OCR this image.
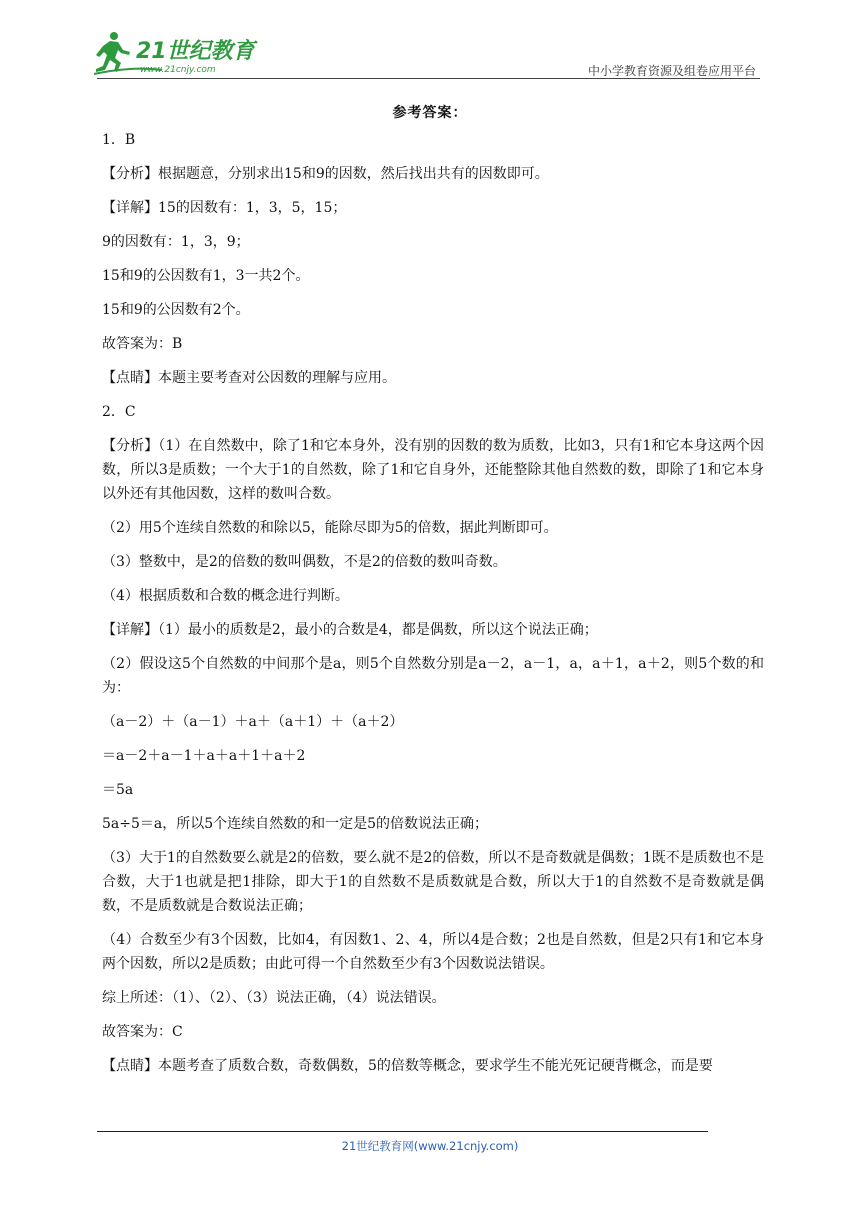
21世纪教育
www.21cnjy.com	中小学教育资源及组卷应用平台
参考答案：

1．B

【分析】根据题意，分别求出15和9的因数，然后找出共有的因数即可。

【详解】15的因数有：1，3，5，15；

9的因数有：1，3，9；

15和9的公因数有1，3一共2个。

15和9的公因数有2个。

故答案为：B

【点睛】本题主要考查对公因数的理解与应用。

2．C

【分析】（1）在自然数中，除了1和它本身外，没有别的因数的数为质数，比如3，只有1和它本身这两个因数，所以3是质数；一个大于1的自然数，除了1和它自身外，还能整除其他自然数的数，即除了1和它本身以外还有其他因数，这样的数叫合数。

（2）用5个连续自然数的和除以5，能除尽即为5的倍数，据此判断即可。

（3）整数中，是2的倍数的数叫偶数，不是2的倍数的数叫奇数。

（4）根据质数和合数的概念进行判断。

【详解】（1）最小的质数是2，最小的合数是4，都是偶数，所以这个说法正确；

（2）假设这5个自然数的中间那个是a，则5个自然数分别是a－2，a－1，a，a＋1，a＋2，则5个数的和为：

（a－2）＋（a－1）＋a＋（a＋1）＋（a＋2）

＝a－2＋a－1＋a＋a＋1＋a＋2

＝5a

5a÷5＝a，所以5个连续自然数的和一定是5的倍数说法正确；

（3）大于1的自然数要么就是2的倍数，要么就不是2的倍数，所以不是奇数就是偶数；1既不是质数也不是合数，大于1也就是把1排除，即大于1的自然数不是质数就是合数，所以大于1的自然数不是奇数就是偶数，不是质数就是合数说法正确；

（4）合数至少有3个因数，比如4，有因数1、2、4，所以4是合数；2也是自然数，但是2只有1和它本身两个因数，所以2是质数；由此可得一个自然数至少有3个因数说法错误。

综上所述：（1）、（2）、（3）说法正确，（4）说法错误。

故答案为：C

【点睛】本题考查了质数合数，奇数偶数，5的倍数等概念，要求学生不能光死记硬背概念，而是要

21世纪教育网(www.21cnjy.com)
